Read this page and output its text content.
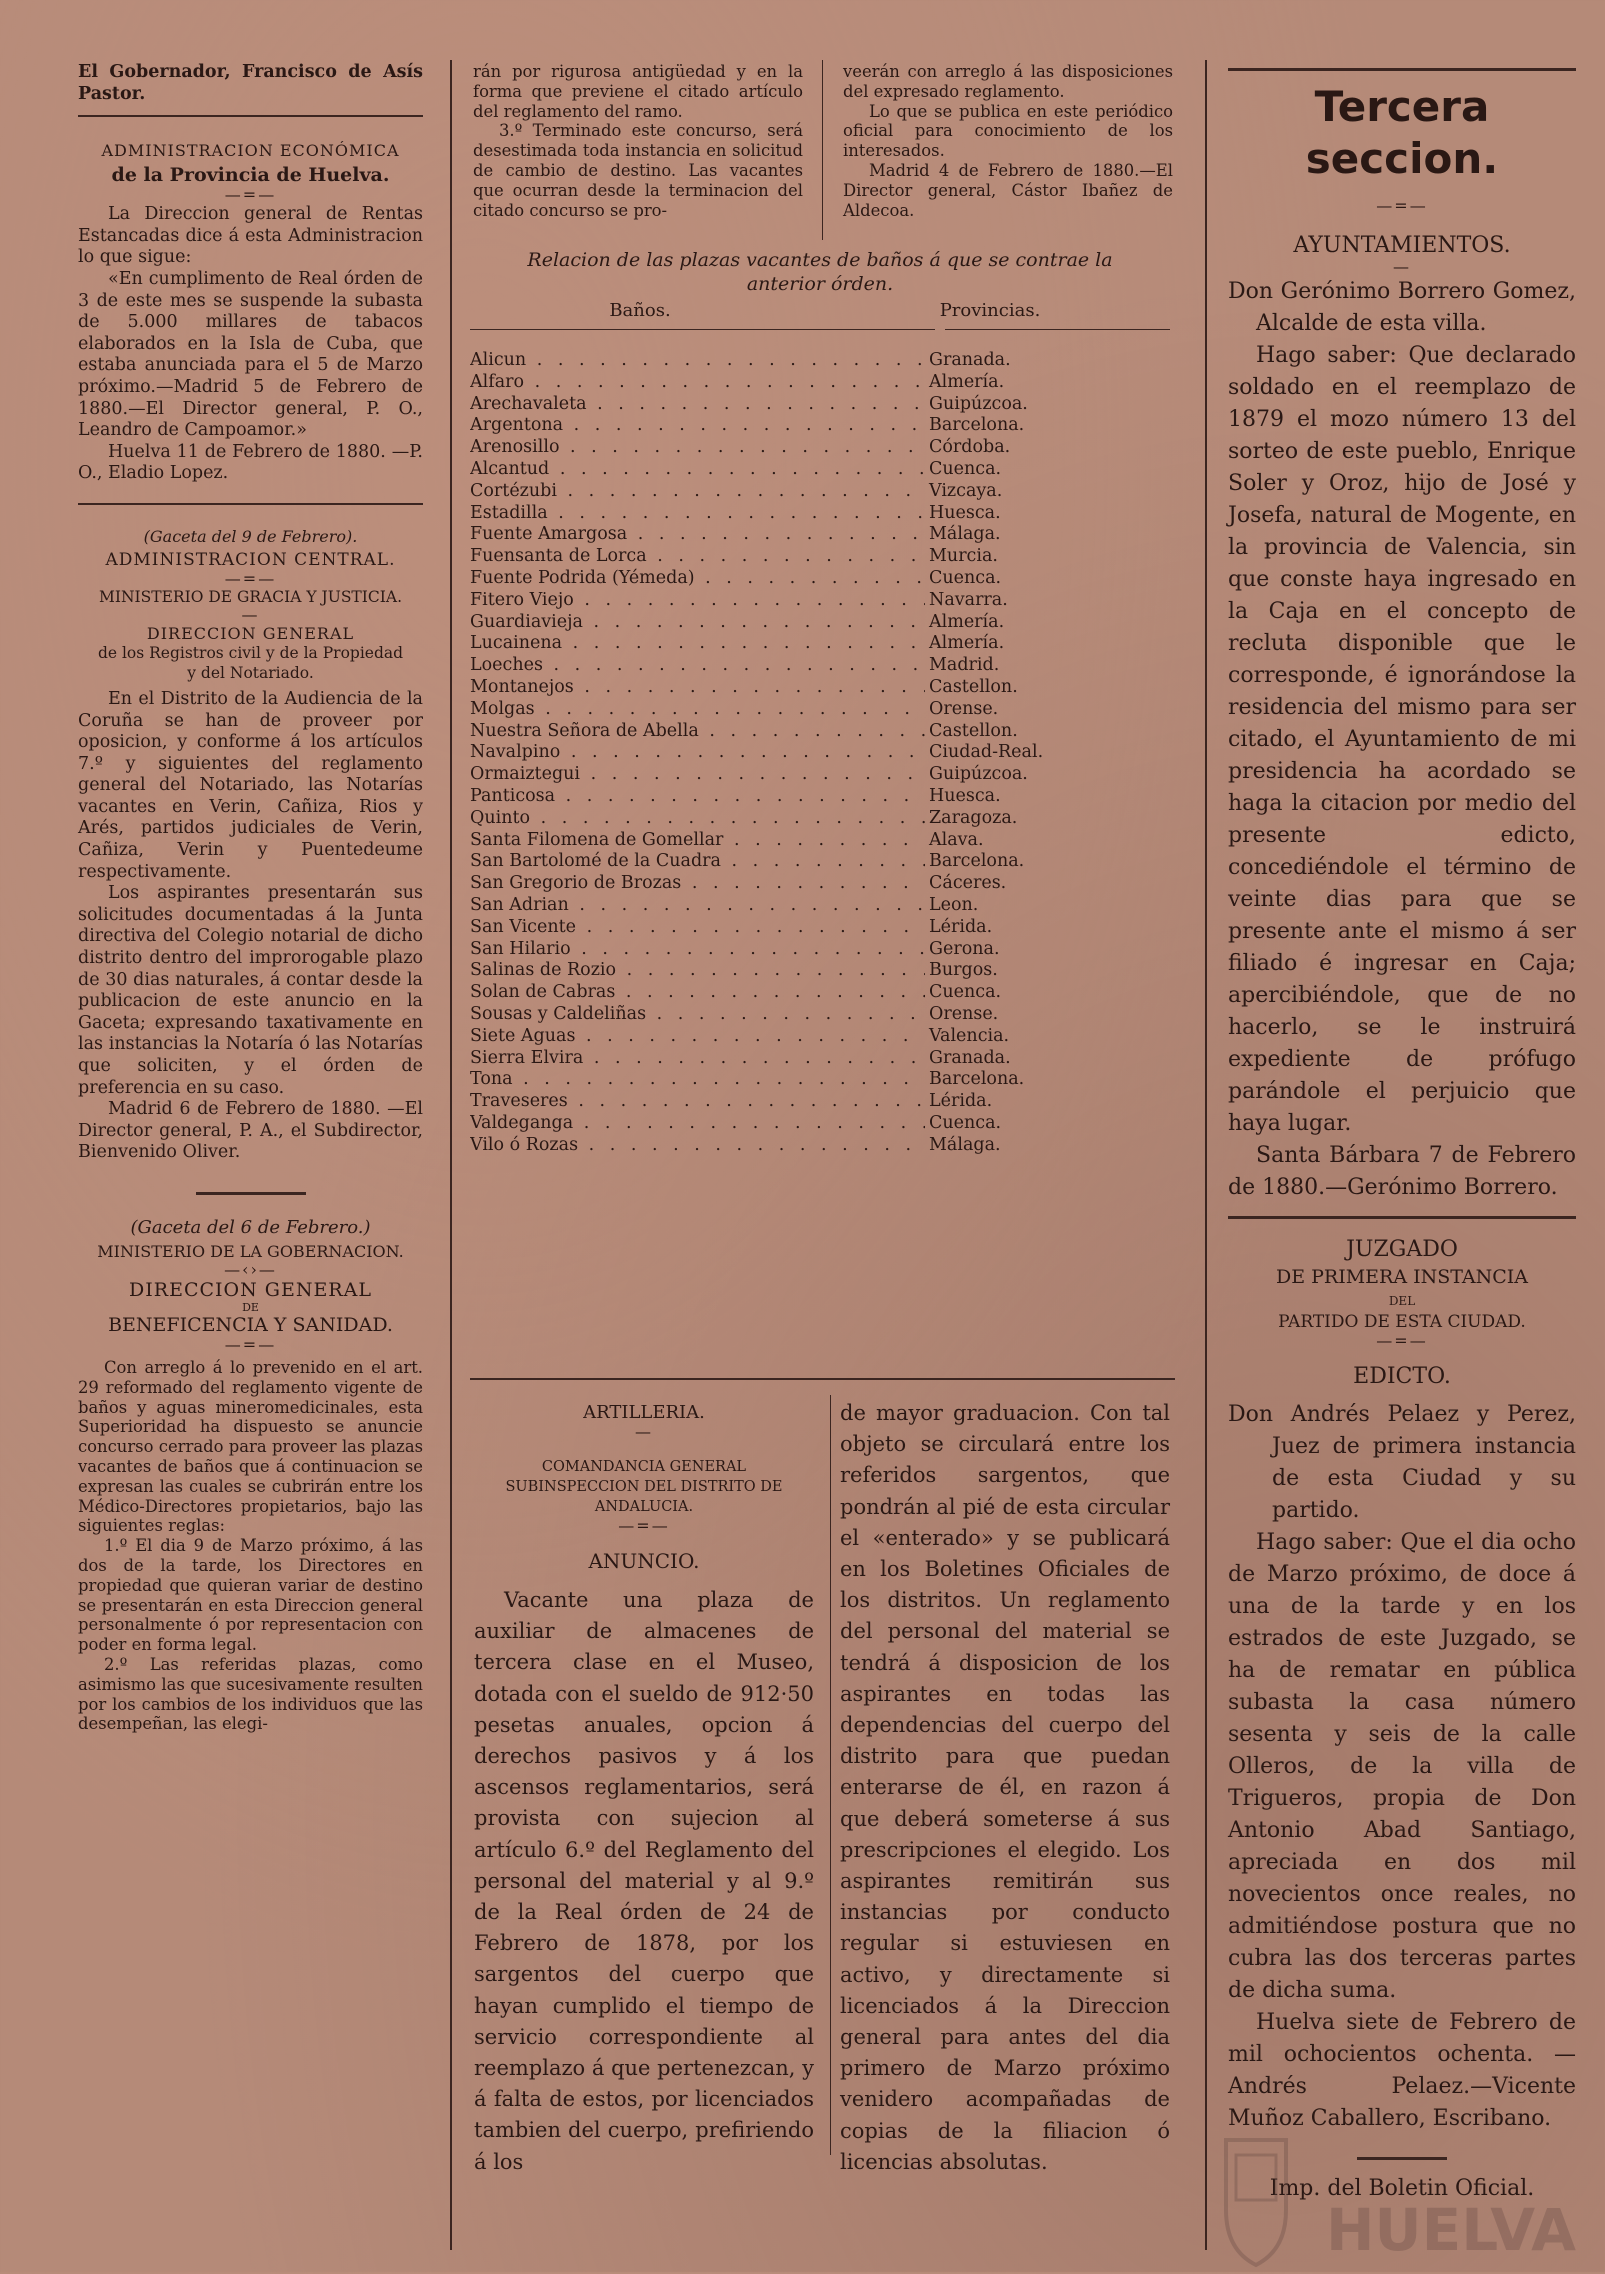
El Gobernador, Francisco de Asís Pastor.

ADMINISTRACION ECONÓMICA

de la Provincia de Huelva.

—=—

La Direccion general de Rentas Estancadas dice á esta Administracion lo que sigue:

«En cumplimento de Real órden de 3 de este mes se suspende la subasta de 5.000 millares de tabacos elaborados en la Isla de Cuba, que estaba anunciada para el 5 de Marzo próximo.—Madrid 5 de Febrero de 1880.—El Director general, P. O., Leandro de Campoamor.»

Huelva 11 de Febrero de 1880. —P. O., Eladio Lopez.

(Gaceta del 9 de Febrero).

ADMINISTRACION CENTRAL.

—=—

MINISTERIO DE GRACIA Y JUSTICIA.

—

DIRECCION GENERAL

de los Registros civil y de la Propiedad y del Notariado.

En el Distrito de la Audiencia de la Coruña se han de proveer por oposicion, y conforme á los artículos 7.º y siguientes del reglamento general del Notariado, las Notarías vacantes en Verin, Cañiza, Rios y Arés, partidos judiciales de Verin, Cañiza, Verin y Puentedeume respectivamente.

Los aspirantes presentarán sus solicitudes documentadas á la Junta directiva del Colegio notarial de dicho distrito dentro del improrogable plazo de 30 dias naturales, á contar desde la publicacion de este anuncio en la Gaceta; expresando taxativamente en las instancias la Notaría ó las Notarías que soliciten, y el órden de preferencia en su caso.

Madrid 6 de Febrero de 1880. —El Director general, P. A., el Subdirector, Bienvenido Oliver.

(Gaceta del 6 de Febrero.)

MINISTERIO DE LA GOBERNACION.

—‹›—

DIRECCION GENERAL

DE

BENEFICENCIA Y SANIDAD.

—=—

Con arreglo á lo prevenido en el art. 29 reformado del reglamento vigente de baños y aguas mineromedicinales, esta Superioridad ha dispuesto se anuncie concurso cerrado para proveer las plazas vacantes de baños que á continuacion se expresan las cuales se cubrirán entre los Médico-Directores propietarios, bajo las siguientes reglas:

1.º El dia 9 de Marzo próximo, á las dos de la tarde, los Directores en propiedad que quieran variar de destino se presentarán en esta Direccion general personalmente ó por representacion con poder en forma legal.

2.º Las referidas plazas, como asimismo las que sucesivamente resulten por los cambios de los individuos que las desempeñan, las elegi-

rán por rigurosa antigüedad y en la forma que previene el citado artículo del reglamento del ramo.

3.º Terminado este concurso, será desestimada toda instancia en solicitud de cambio de destino. Las vacantes que ocurran desde la terminacion del citado concurso se pro-

veerán con arreglo á las disposiciones del expresado reglamento.

Lo que se publica en este periódico oficial para conocimiento de los interesados.

Madrid 4 de Febrero de 1880.—El Director general, Cástor Ibañez de Aldecoa.

Relacion de las plazas vacantes de baños á que se contrae la anterior órden.

Baños.	Provincias.
Alicun . .	Granada.
Alfaro . .	Almería.
Arechavaleta . .	Guipúzcoa.
Argentona . .	Barcelona.
Arenosillo . .	Córdoba.
Alcantud . .	Cuenca.
Cortézubi . .	Vizcaya.
Estadilla . .	Huesca.
Fuente Amargosa . .	Málaga.
Fuensanta de Lorca . .	Murcia.
Fuente Podrida (Yémeda) . .	Cuenca.
Fitero Viejo . .	Navarra.
Guardiavieja . .	Almería.
Lucainena . .	Almería.
Loeches . .	Madrid.
Montanejos . .	Castellon.
Molgas . .	Orense.
Nuestra Señora de Abella . .	Castellon.
Navalpino . .	Ciudad-Real.
Ormaiztegui . .	Guipúzcoa.
Panticosa . .	Huesca.
Quinto . .	Zaragoza.
Santa Filomena de Gomellar . .	Alava.
San Bartolomé de la Cuadra . .	Barcelona.
San Gregorio de Brozas . .	Cáceres.
San Adrian . .	Leon.
San Vicente . .	Lérida.
San Hilario . .	Gerona.
Salinas de Rozio . .	Burgos.
Solan de Cabras . .	Cuenca.
Sousas y Caldeliñas . .	Orense.
Siete Aguas . .	Valencia.
Sierra Elvira . .	Granada.
Tona . .	Barcelona.
Traveseres . .	Lérida.
Valdeganga . .	Cuenca.
Vilo ó Rozas . .	Málaga.

ARTILLERIA.

—

COMANDANCIA GENERAL SUBINSPECCION DEL DISTRITO DE ANDALUCIA.

—=—

ANUNCIO.

Vacante una plaza de auxiliar de almacenes de tercera clase en el Museo, dotada con el sueldo de 912·50 pesetas anuales, opcion á derechos pasivos y á los ascensos reglamentarios, será provista con sujecion al artículo 6.º del Reglamento del personal del material y al 9.º de la Real órden de 24 de Febrero de 1878, por los sargentos del cuerpo que hayan cumplido el tiempo de servicio correspondiente al reemplazo á que pertenezcan, y á falta de estos, por licenciados tambien del cuerpo, prefiriendo á los

de mayor graduacion. Con tal objeto se circulará entre los referidos sargentos, que pondrán al pié de esta circular el «enterado» y se publicará en los Boletines Oficiales de los distritos. Un reglamento del personal del material se tendrá á disposicion de los aspirantes en todas las dependencias del cuerpo del distrito para que puedan enterarse de él, en razon á que deberá someterse á sus prescripciones el elegido. Los aspirantes remitirán sus instancias por conducto regular si estuviesen en activo, y directamente si licenciados á la Direccion general para antes del dia primero de Marzo próximo venidero acompañadas de copias de la filiacion ó licencias absolutas.

Tercera seccion.

—=—

AYUNTAMIENTOS.

—

Don Gerónimo Borrero Gomez, Alcalde de esta villa.

Hago saber: Que declarado soldado en el reemplazo de 1879 el mozo número 13 del sorteo de este pueblo, Enrique Soler y Oroz, hijo de José y Josefa, natural de Mogente, en la provincia de Valencia, sin que conste haya ingresado en la Caja en el concepto de recluta disponible que le corresponde, é ignorándose la residencia del mismo para ser citado, el Ayuntamiento de mi presidencia ha acordado se haga la citacion por medio del presente edicto, concediéndole el término de veinte dias para que se presente ante el mismo á ser filiado é ingresar en Caja; apercibiéndole, que de no hacerlo, se le instruirá expediente de prófugo parándole el perjuicio que haya lugar.

Santa Bárbara 7 de Febrero de 1880.—Gerónimo Borrero.

JUZGADO

DE PRIMERA INSTANCIA

DEL

PARTIDO DE ESTA CIUDAD.

—=—

EDICTO.

Don Andrés Pelaez y Perez, Juez de primera instancia de esta Ciudad y su partido.

Hago saber: Que el dia ocho de Marzo próximo, de doce á una de la tarde y en los estrados de este Juzgado, se ha de rematar en pública subasta la casa número sesenta y seis de la calle Olleros, de la villa de Trigueros, propia de Don Antonio Abad Santiago, apreciada en dos mil novecientos once reales, no admitiéndose postura que no cubra las dos terceras partes de dicha suma.

Huelva siete de Febrero de mil ochocientos ochenta. —Andrés Pelaez.—Vicente Muñoz Caballero, Escribano.

Imp. del Boletin Oficial.

HUELVA
